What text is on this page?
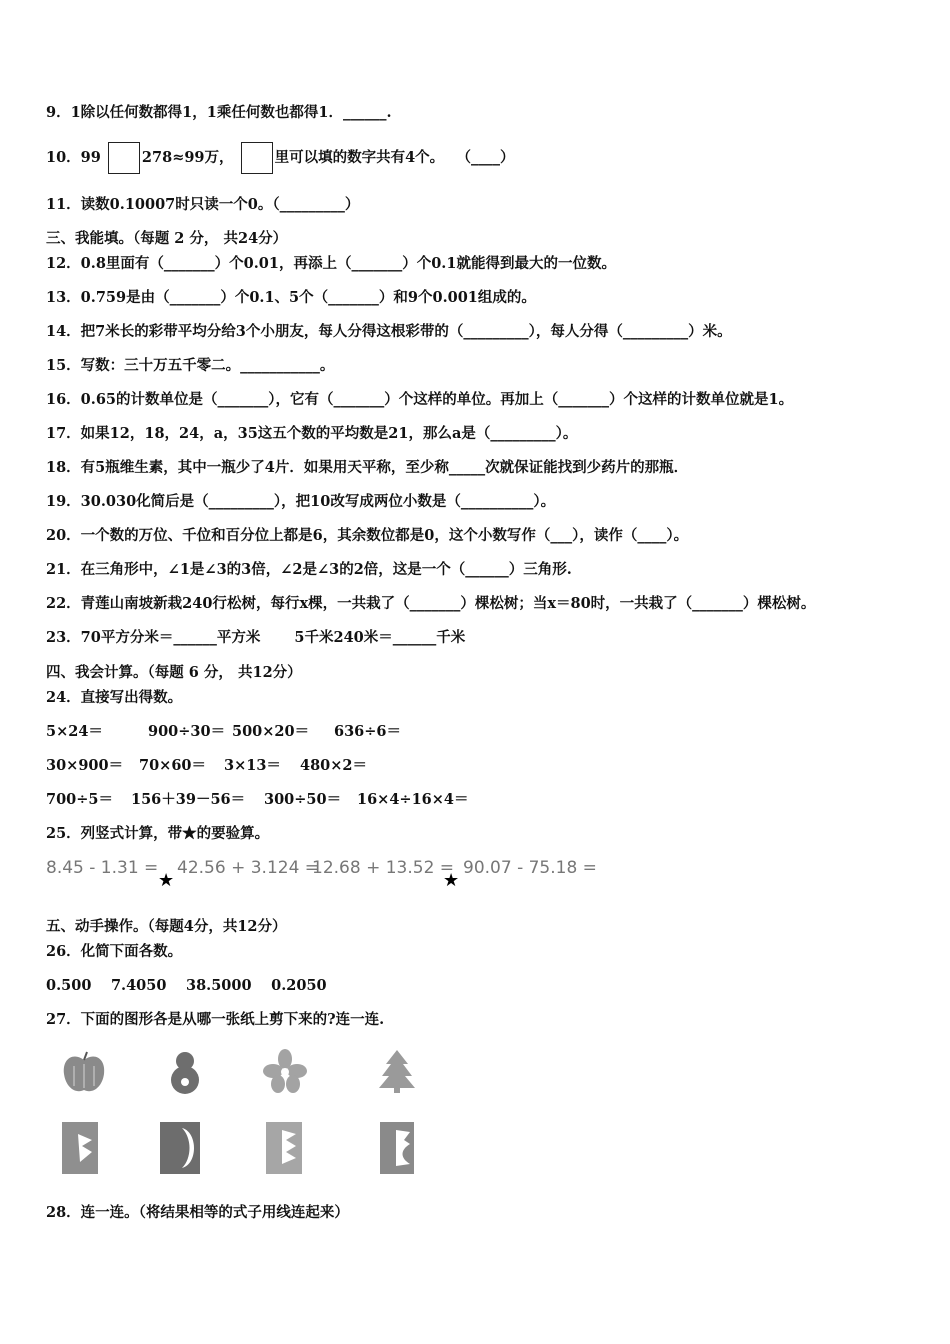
9．1除以任何数都得1，1乘任何数也都得1．______.
10．99	278≈99万，	里可以填的数字共有4个。　 （____）
11．读数0.10007时只读一个0。（_________）
三、我能填。（每题 2 分， 共24分）
12．0.8里面有（_______）个0.01，再添上（_______）个0.1就能得到最大的一位数。
13．0.759是由（_______）个0.1、5个（_______）和9个0.001组成的。
14．把7米长的彩带平均分给3个小朋友，每人分得这根彩带的（_________），每人分得（_________）米。
15．写数：三十万五千零二。___________。
16．0.65的计数单位是（_______），它有（_______）个这样的单位。再加上（_______）个这样的计数单位就是1。
17．如果12，18，24，a，35这五个数的平均数是21，那么a是（_________）。
18．有5瓶维生素，其中一瓶少了4片．如果用天平称，至少称_____次就保证能找到少药片的那瓶．
19．30.030化简后是（_________），把10改写成两位小数是（__________）。
20．一个数的万位、千位和百分位上都是6，其余数位都是0，这个小数写作（___），读作（____）。
21．在三角形中，∠1是∠3的3倍，∠2是∠3的2倍，这是一个（______）三角形.
22．青莲山南坡新栽240行松树，每行x棵，一共栽了（_______）棵松树；当x＝80时，一共栽了（_______）棵松树。
23．70平方分米＝______平方米　　 5千米240米＝______千米
四、我会计算。（每题 6 分， 共12分）
24．直接写出得数。
5×24＝	900÷30＝ 500×20＝ 636÷6＝
30×900＝ 70×60＝ 3×13＝ 480×2＝
700÷5＝ 156＋39－56＝ 300÷50＝ 16×4÷16×4＝
25．列竖式计算，带★的要验算。
8.45 - 1.31 =
★
42.56 + 3.124 =
12.68 + 13.52 =
★
90.07 - 75.18 =
五、动手操作。（每题4分，共12分）
26．化简下面各数。
0.500　 7.4050　 38.5000　 0.2050
27．下面的图形各是从哪一张纸上剪下来的?连一连.
28．连一连。（将结果相等的式子用线连起来）
